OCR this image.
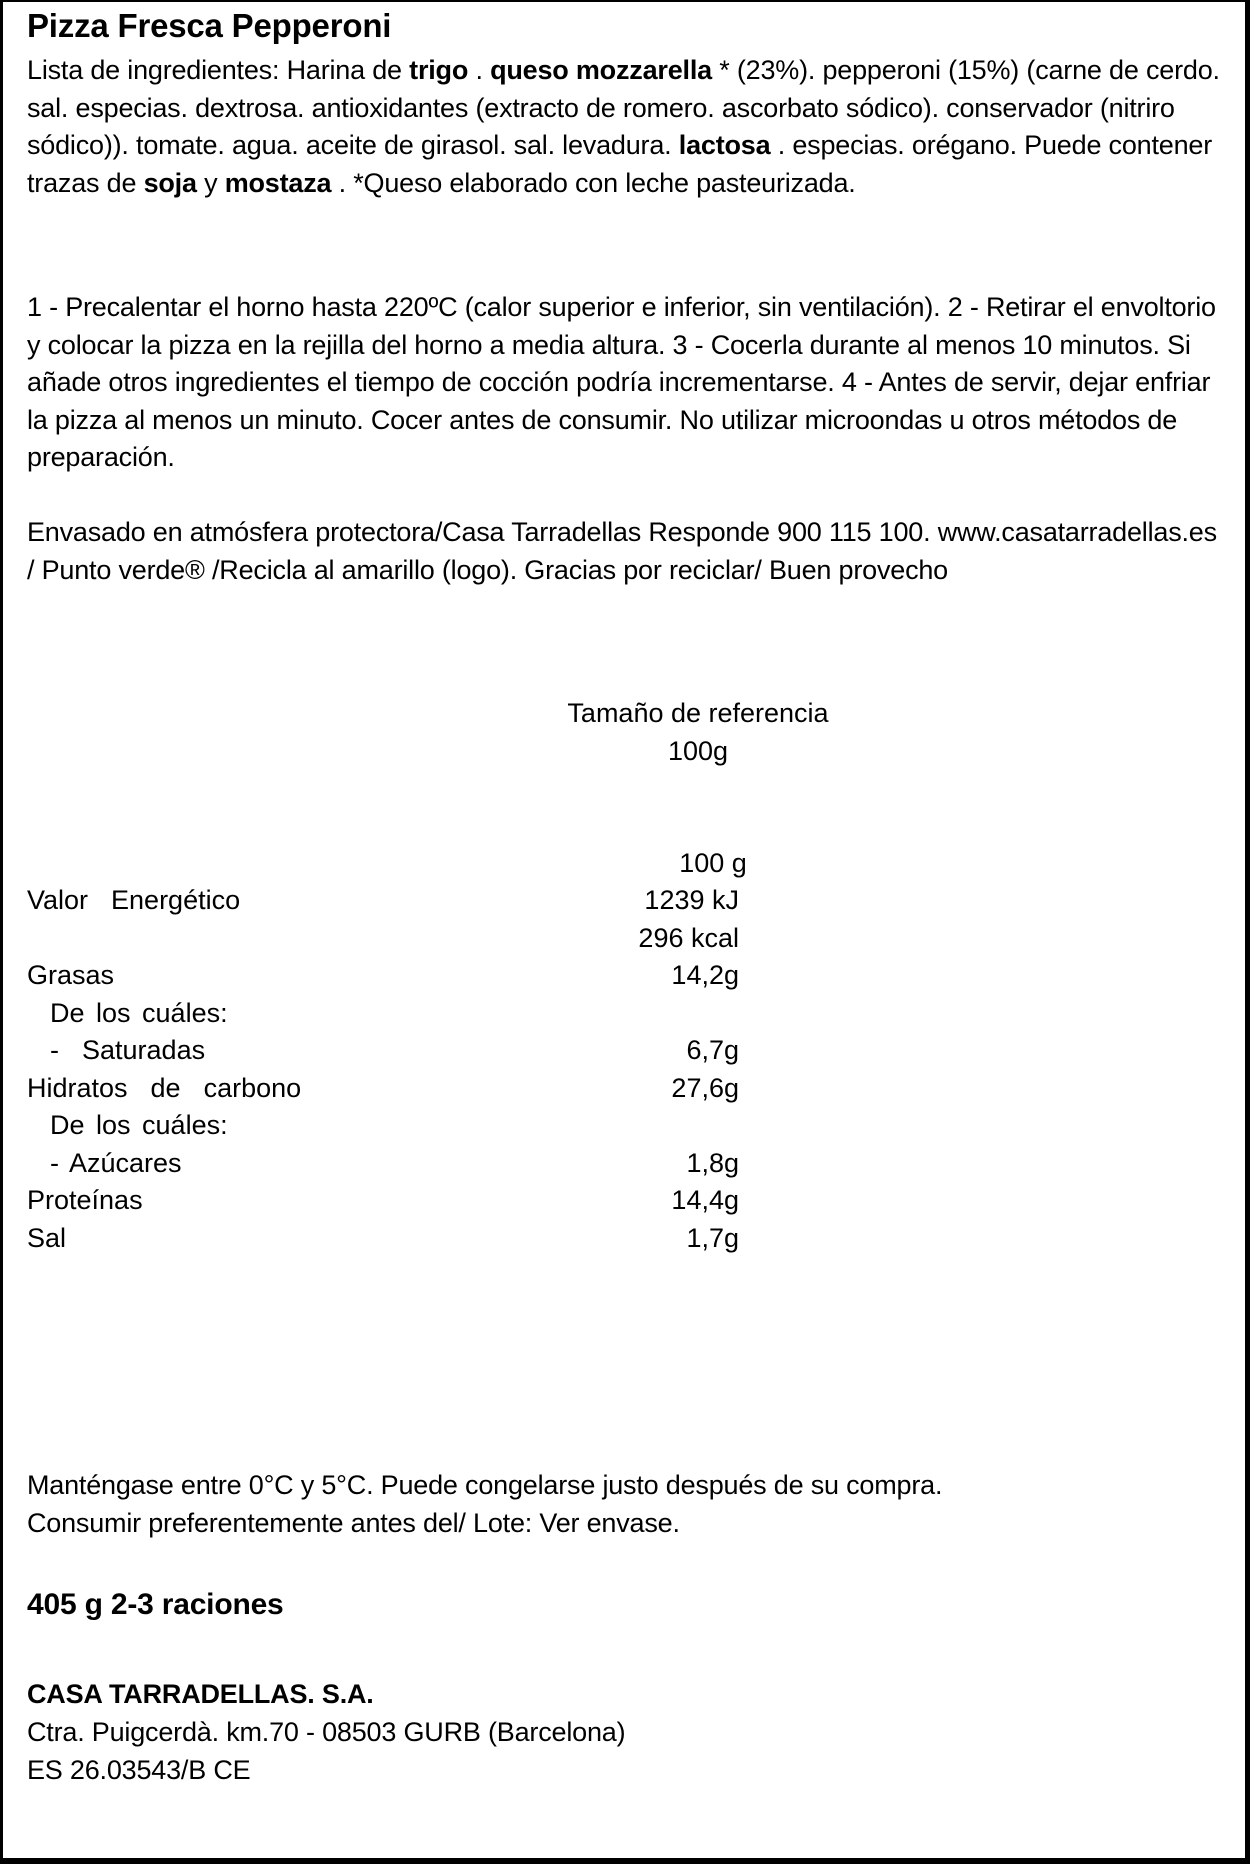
Pizza Fresca Pepperoni
Lista de ingredientes: Harina de trigo . queso mozzarella * (23%). pepperoni (15%) (carne de cerdo. sal. especias. dextrosa. antioxidantes (extracto de romero. ascorbato sódico). conservador (nitriro sódico)). tomate. agua. aceite de girasol. sal. levadura. lactosa . especias. orégano. Puede contener trazas de soja y mostaza . *Queso elaborado con leche pasteurizada.
1 - Precalentar el horno hasta 220ºC (calor superior e inferior, sin ventilación). 2 - Retirar el envoltorio y colocar la pizza en la rejilla del horno a media altura. 3 - Cocerla durante al menos 10 minutos. Si añade otros ingredientes el tiempo de cocción podría incrementarse. 4 - Antes de servir, dejar enfriar la pizza al menos un minuto. Cocer antes de consumir. No utilizar microondas u otros métodos de preparación.
Envasado en atmósfera protectora/Casa Tarradellas Responde 900 115 100. www.casatarradellas.es / Punto verde® /Recicla al amarillo (logo). Gracias por reciclar/ Buen provecho
Tamaño de referencia
100g
100 g
Valor  Energético	1239 kJ
296 kcal
Grasas	14,2g
De los cuáles:
-  Saturadas	6,7g
Hidratos  de  carbono	27,6g
De los cuáles:
- Azúcares	1,8g
Proteínas	14,4g
Sal	1,7g
Manténgase entre 0°C y 5°C. Puede congelarse justo después de su compra.
Consumir preferentemente antes del/ Lote: Ver envase.
405 g 2-3 raciones
CASA TARRADELLAS. S.A.
Ctra. Puigcerdà. km.70 - 08503 GURB (Barcelona)
ES 26.03543/B CE
